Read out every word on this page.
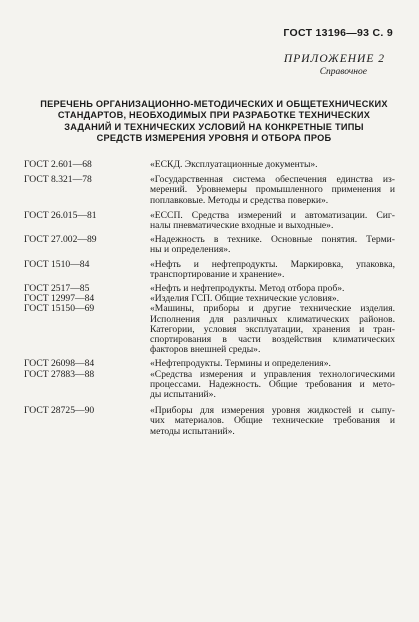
ГОСТ 13196—93 С. 9
ПРИЛОЖЕНИЕ 2
Справочное
ПЕРЕЧЕНЬ ОРГАНИЗАЦИОННО-МЕТОДИЧЕСКИХ И ОБЩЕТЕХНИЧЕСКИХ
СТАНДАРТОВ, НЕОБХОДИМЫХ ПРИ РАЗРАБОТКЕ ТЕХНИЧЕСКИХ
ЗАДАНИЙ И ТЕХНИЧЕСКИХ УСЛОВИЙ НА КОНКРЕТНЫЕ ТИПЫ
СРЕДСТВ ИЗМЕРЕНИЯ УРОВНЯ И ОТБОРА ПРОБ
ГОСТ 2.601—68	«ЕСКД. Эксплуатационные документы».
ГОСТ 8.321—78	«Государственная система обеспечения единства из-
мерений. Уровнемеры промышленного применения и
поплавковые. Методы и средства поверки».
ГОСТ 26.015—81	«ЕССП. Средства измерений и автоматизации. Сиг-
налы пневматические входные и выходные».
ГОСТ 27.002—89	«Надежность в технике. Основные понятия. Терми-
ны и определения».
ГОСТ 1510—84	«Нефть и нефтепродукты. Маркировка, упаковка,
транспортирование и хранение».
ГОСТ 2517—85	«Нефть и нефтепродукты. Метод отбора проб».
ГОСТ 12997—84	«Изделия ГСП. Общие технические условия».
ГОСТ 15150—69	«Машины, приборы и другие технические изделия.
Исполнения для различных климатических районов.
Категории, условия эксплуатации, хранения и тран-
спортирования в части воздействия климатических
факторов внешней среды».
ГОСТ 26098—84	«Нефтепродукты. Термины и определения».
ГОСТ 27883—88	«Средства измерения и управления технологическими
процессами. Надежность. Общие требования и мето-
ды испытаний».
ГОСТ 28725—90	«Приборы для измерения уровня жидкостей и сыпу-
чих материалов. Общие технические требования и
методы испытаний».
